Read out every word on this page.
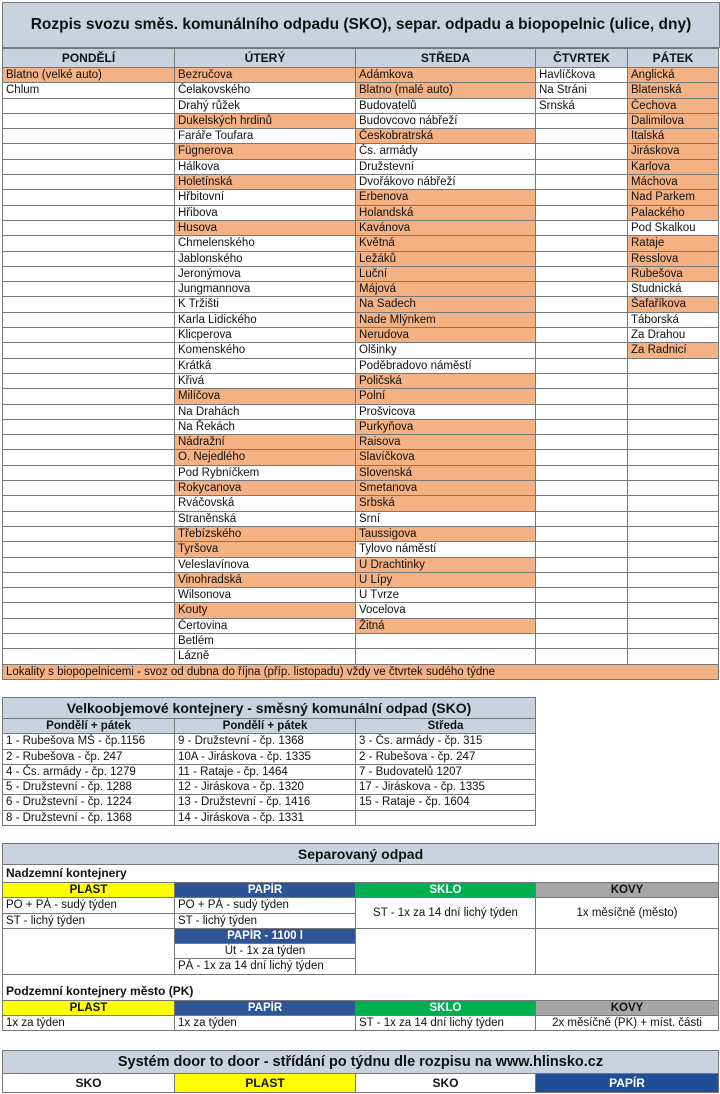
Rozpis svozu směs. komunálního odpadu (SKO), separ. odpadu a biopopelnic (ulice, dny)
PONDĚLÍ	ÚTERÝ	STŘEDA	ČTVRTEK	PÁTEK
Blatno (velké auto)	Bezručova	Adámkova	Havlíčkova	Anglická
Chlum	Čelakovského	Blatno (malé auto)	Na Stráni	Blatenská
	Drahý růžek	Budovatelů	Srnská	Čechova
	Dukelských hrdinů	Budovcovo nábřeží		Dalimilova
	Faráře Toufara	Českobratrská		Italská
	Fügnerova	Čs. armády		Jiráskova
	Hálkova	Družstevní		Karlova
	Holetínská	Dvořákovo nábřeží		Máchova
	Hřbitovní	Erbenova		Nad Parkem
	Hřibova	Holandská		Palackého
	Husova	Kavánova		Pod Skalkou
	Chmelenského	Květná		Rataje
	Jablonského	Ležáků		Resslova
	Jeronýmova	Luční		Rubešova
	Jungmannova	Májová		Studnická
	K Tržišti	Na Sadech		Šafaříkova
	Karla Lidického	Nade Mlýnkem		Táborská
	Klicperova	Nerudova		Za Drahou
	Komenského	Olšinky		Za Radnicí
	Krátká	Poděbradovo náměstí		
	Křivá	Poličská		
	Milíčova	Polní		
	Na Drahách	Prošvicova		
	Na Řekách	Purkyňova		
	Nádražní	Raisova		
	O. Nejedlého	Slavíčkova		
	Pod Rybníčkem	Slovenská		
	Rokycanova	Smetanova		
	Rváčovská	Srbská		
	Straněnská	Srní		
	Třebízského	Taussigova		
	Tyršova	Tylovo náměstí		
	Veleslavínova	U Drachtinky		
	Vinohradská	U Lípy		
	Wilsonova	U Tvrze		
	Kouty	Vocelova		
	Čertovina	Žitná		
	Betlém			
	Lázně			
Lokality s biopopelnicemi - svoz od dubna do října (příp. listopadu) vždy ve čtvrtek sudého týdne				
Velkoobjemové kontejnery - směsný komunální odpad (SKO)				
Pondělí + pátek	Pondělí + pátek	Středa		
1 - Rubešova MŠ - čp.1156	9 - Družstevní - čp. 1368	3 - Čs. armády - čp. 315		
2 - Rubešova - čp. 247	10A - Jiráskova - čp. 1335	2 - Rubešova - čp. 247		
4 - Čs. armády - čp. 1279	11 - Rataje - čp. 1464	7 - Budovatelů 1207		
5 - Družstevní - čp. 1288	12 - Jiráskova - čp. 1320	17 - Jiráskova - čp. 1335		
6 - Družstevní - čp. 1224	13 - Družstevní - čp. 1416	15 - Rataje - čp. 1604		
8 - Družstevní - čp. 1368	14 - Jiráskova - čp. 1331			
Separovaný odpad			
Nadzemní kontejnery			
PLAST	PAPÍR	SKLO	KOVY
PO + PÁ - sudý týden	PO + PÁ - sudý týden	ST - 1x za 14 dní lichý týden	1x měsíčně (město)
ST - lichý týden	ST - lichý týden		
	PAPÍR - 1100 l		
	Út - 1x za týden		
	PÁ - 1x za 14 dní lichý týden		

Podzemní kontejnery město (PK)			
PLAST	PAPÍR	SKLO	KOVY
1x za týden	1x za týden	ST - 1x za 14 dní lichý týden	2x měsíčně (PK) + míst. části
Systém door to door - střídání po týdnu dle rozpisu na www.hlinsko.cz
SKO	PLAST	SKO	PAPÍR
